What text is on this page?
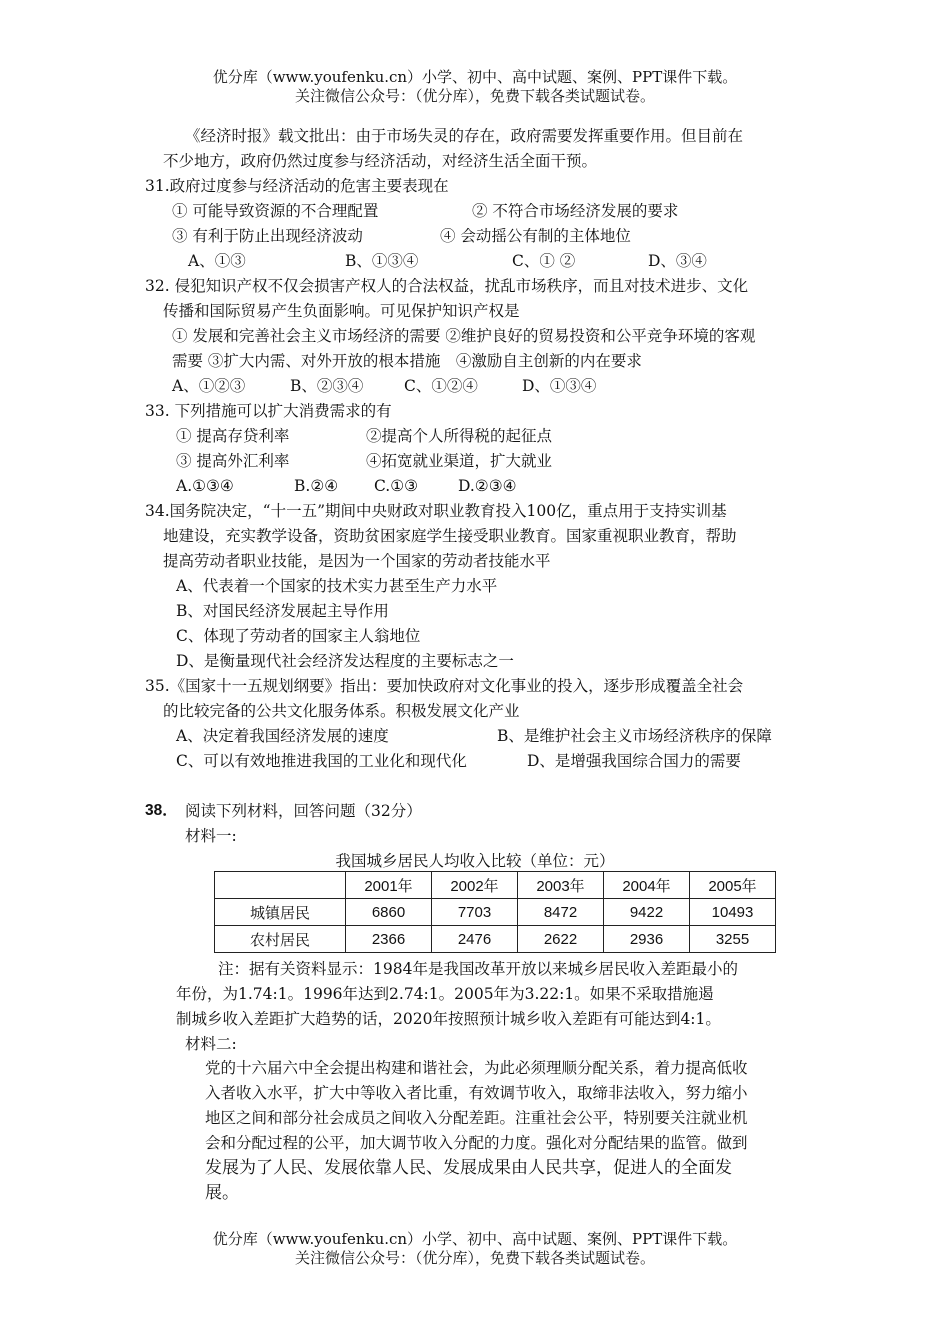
优分库（www.youfenku.cn）小学、初中、高中试题、案例、PPT课件下载。
关注微信公众号：（优分库），免费下载各类试题试卷。
《经济时报》载文批出：由于市场失灵的存在，政府需要发挥重要作用。但目前在
不少地方，政府仍然过度参与经济活动，对经济生活全面干预。
31.政府过度参与经济活动的危害主要表现在
① 可能导致资源的不合理配置	② 不符合市场经济发展的要求
③ 有利于防止出现经济波动	④ 会动摇公有制的主体地位
A、①③	B、①③④	C、① ②	D、③④
32. 侵犯知识产权不仅会损害产权人的合法权益，扰乱市场秩序，而且对技术进步、文化
传播和国际贸易产生负面影响。可见保护知识产权是
① 发展和完善社会主义市场经济的需要 ②维护良好的贸易投资和公平竞争环境的客观
需要 ③扩大内需、对外开放的根本措施　④激励自主创新的内在要求
A、①②③	B、②③④	C、①②④	D、①③④
33. 下列措施可以扩大消费需求的有
① 提高存贷利率	②提高个人所得税的起征点
③ 提高外汇利率	④拓宽就业渠道，扩大就业
A.①③④	B.②④ C.①③	D.②③④
34.国务院决定，“十一五”期间中央财政对职业教育投入100亿，重点用于支持实训基
地建设，充实教学设备，资助贫困家庭学生接受职业教育。国家重视职业教育，帮助
提高劳动者职业技能，是因为一个国家的劳动者技能水平
A、代表着一个国家的技术实力甚至生产力水平
B、对国民经济发展起主导作用
C、体现了劳动者的国家主人翁地位
D、是衡量现代社会经济发达程度的主要标志之一
35.《国家十一五规划纲要》指出：要加快政府对文化事业的投入，逐步形成覆盖全社会
的比较完备的公共文化服务体系。积极发展文化产业
A、决定着我国经济发展的速度	B、是维护社会主义市场经济秩序的保障
C、可以有效地推进我国的工业化和现代化	D、是增强我国综合国力的需要
38． 阅读下列材料，回答问题（32分）
材料一:
我国城乡居民人均收入比较（单位：元）
	2001年	2002年	2003年	2004年	2005年
城镇居民	6860	7703	8472	9422	10493
农村居民	2366	2476	2622	2936	3255
注：据有关资料显示：1984年是我国改革开放以来城乡居民收入差距最小的
年份，为1.74:1。1996年达到2.74:1。2005年为3.22:1。如果不采取措施遏
制城乡收入差距扩大趋势的话，2020年按照预计城乡收入差距有可能达到4:1。
材料二:
党的十六届六中全会提出构建和谐社会，为此必须理顺分配关系，着力提高低收
入者收入水平，扩大中等收入者比重，有效调节收入，取缔非法收入，努力缩小
地区之间和部分社会成员之间收入分配差距。注重社会公平，特别要关注就业机
会和分配过程的公平，加大调节收入分配的力度。强化对分配结果的监管。做到
发展为了人民、发展依靠人民、发展成果由人民共享，促进人的全面发
展。
优分库（www.youfenku.cn）小学、初中、高中试题、案例、PPT课件下载。
关注微信公众号：（优分库），免费下载各类试题试卷。
